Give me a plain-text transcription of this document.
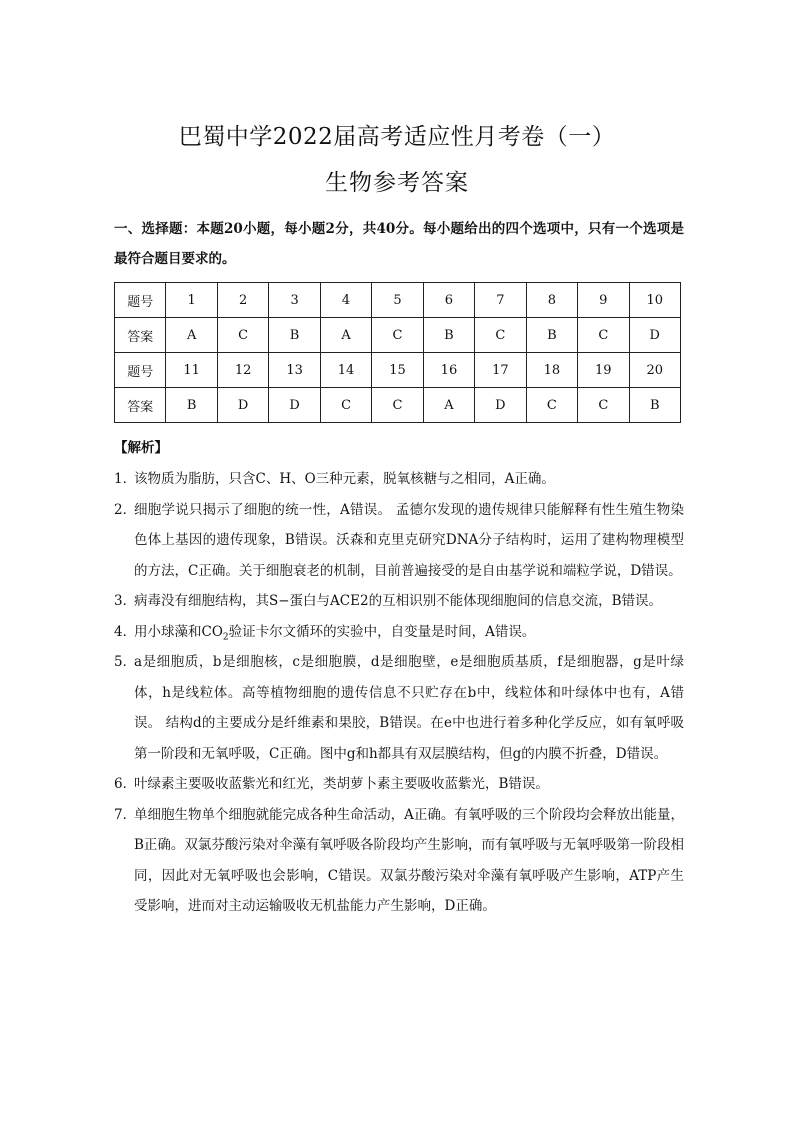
巴蜀中学2022届高考适应性月考卷（一）
生物参考答案
一、选择题：本题20小题，每小题2分，共40分。每小题给出的四个选项中，只有一个选项是最符合题目要求的。
题号	1	2	3	4	5	6	7	8	9	10
答案	A	C	B	A	C	B	C	B	C	D
题号	11	12	13	14	15	16	17	18	19	20
答案	B	D	D	C	C	A	D	C	C	B
【解析】
1．
该物质为脂肪，只含C、H、O三种元素，脱氧核糖与之相同，A正确。
2．
细胞学说只揭示了细胞的统一性，A错误。 孟德尔发现的遗传规律只能解释有性生殖生物染色体上基因的遗传现象，B错误。沃森和克里克研究DNA分子结构时，运用了建构物理模型的方法，C正确。关于细胞衰老的机制，目前普遍接受的是自由基学说和端粒学说，D错误。
3．
病毒没有细胞结构，其S−蛋白与ACE2的互相识别不能体现细胞间的信息交流，B错误。
4．
用小球藻和$CO_2$验证卡尔文循环的实验中，自变量是时间，A错误。
5．
a是细胞质，b是细胞核，c是细胞膜，d是细胞壁，e是细胞质基质，f是细胞器，g是叶绿体，h是线粒体。高等植物细胞的遗传信息不只贮存在b中，线粒体和叶绿体中也有，A错误。 结构d的主要成分是纤维素和果胶，B错误。在e中也进行着多种化学反应，如有氧呼吸第一阶段和无氧呼吸，C正确。图中g和h都具有双层膜结构，但g的内膜不折叠，D错误。
6．
叶绿素主要吸收蓝紫光和红光，类胡萝卜素主要吸收蓝紫光，B错误。
7．
单细胞生物单个细胞就能完成各种生命活动，A正确。有氧呼吸的三个阶段均会释放出能量，B正确。双氯芬酸污染对伞藻有氧呼吸各阶段均产生影响，而有氧呼吸与无氧呼吸第一阶段相同，因此对无氧呼吸也会影响，C错误。双氯芬酸污染对伞藻有氧呼吸产生影响，ATP产生受影响，进而对主动运输吸收无机盐能力产生影响，D正确。
